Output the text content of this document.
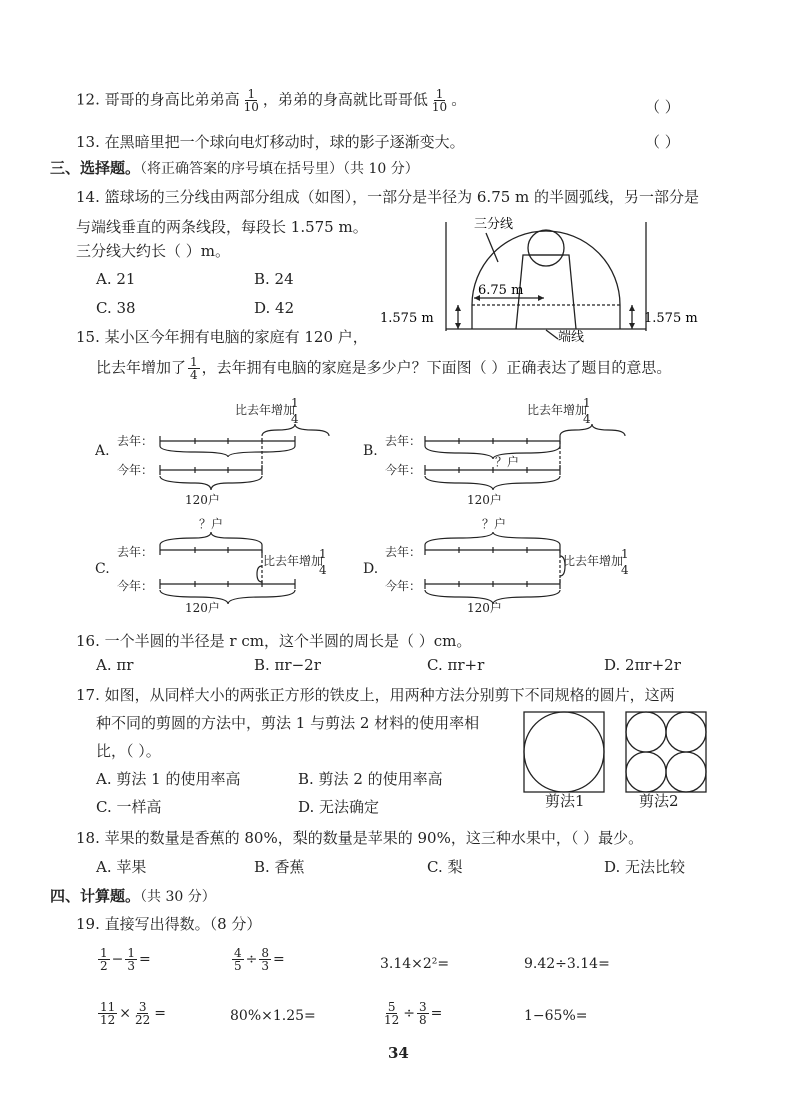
12. 哥哥的身高比弟弟高 $\frac{1}{10}$ ，弟弟的身高就比哥哥低 $\frac{1}{10}$ 。	（ ）
13. 在黑暗里把一个球向电灯移动时，球的影子逐渐变大。	（ ）
三、选择题。（将正确答案的序号填在括号里）（共 10 分）
14. 篮球场的三分线由两部分组成（如图），一部分是半径为 6.75 m 的半圆弧线，另一部分是
与端线垂直的两条线段，每段长 1.575 m。
三分线大约长（ ）m。
A. 21	B. 24
C. 38	D. 42
三分线
6.75 m
1.575 m	1.575 m
端线
15. 某小区今年拥有电脑的家庭有 120 户，
比去年增加了 $\frac{1}{4}$ ，去年拥有电脑的家庭是多少户？下面图（ ）正确表达了题目的意思。
A.
去年：
今年：
比去年增加
120户
1
4
B.
去年：
今年：
比去年增加
1
4
？户
120户
C.
去年：
今年：
？户
比去年增加
1
4
120户
D.
去年：
今年：
？户
比去年增加
1
4
120户
16. 一个半圆的半径是 r cm，这个半圆的周长是（ ）cm。
A. πr	B. πr−2r	C. πr+r	D. 2πr+2r
17. 如图，从同样大小的两张正方形的铁皮上，用两种方法分别剪下不同规格的圆片，这两
种不同的剪圆的方法中，剪法 1 与剪法 2 材料的使用率相
比，（ ）。
A. 剪法 1 的使用率高	B. 剪法 2 的使用率高
C. 一样高	D. 无法确定	剪法1	剪法2
18. 苹果的数量是香蕉的 80%，梨的数量是苹果的 90%，这三种水果中，（ ）最少。
A. 苹果	B. 香蕉	C. 梨	D. 无法比较
四、计算题。（共 30 分）
19. 直接写出得数。（8 分）
$\frac{1}{2} - \frac{1}{3}$ =	$\frac{4}{5} \div \frac{8}{3}$ =	3.14×2²=	9.42÷3.14=
$\frac{11}{12} \times \frac{3}{22}$ =	80%×1.25=	$\frac{5}{12} \div \frac{3}{8}$ =	1−65%=
34
